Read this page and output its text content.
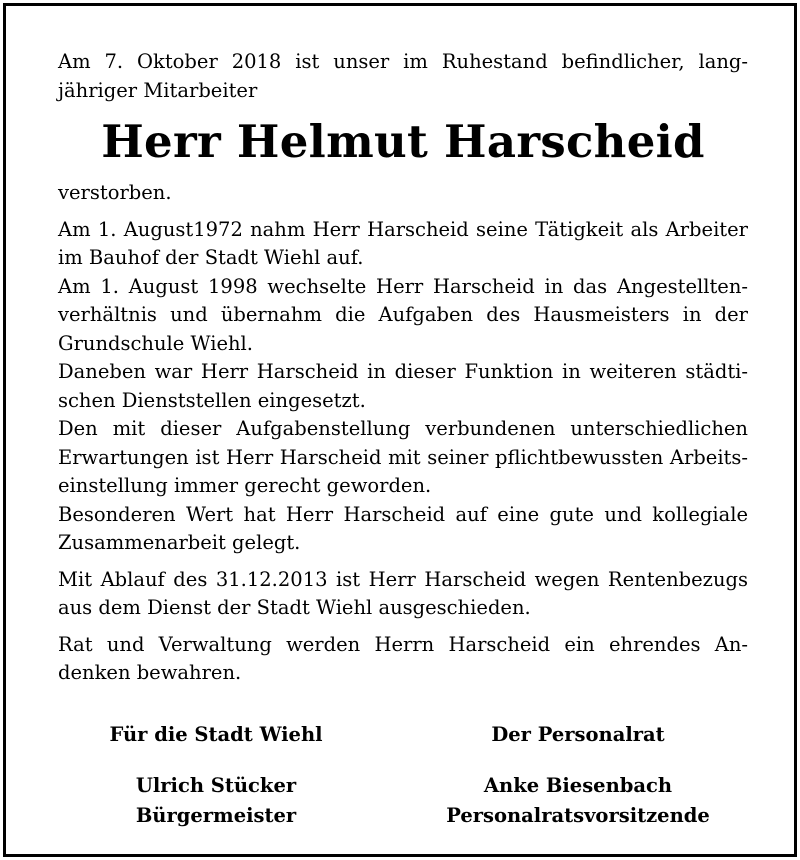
Am 7. Oktober 2018 ist unser im Ruhestand befindlicher, lang-
jähriger Mitarbeiter
Herr Helmut Harscheid
verstorben.
Am 1. August1972 nahm Herr Harscheid seine Tätigkeit als Arbeiter
im Bauhof der Stadt Wiehl auf.
Am 1. August 1998 wechselte Herr Harscheid in das Angestellten-
verhältnis und übernahm die Aufgaben des Hausmeisters in der
Grundschule Wiehl.
Daneben war Herr Harscheid in dieser Funktion in weiteren städti-
schen Dienststellen eingesetzt.
Den mit dieser Aufgabenstellung verbundenen unterschiedlichen
Erwartungen ist Herr Harscheid mit seiner pflichtbewussten Arbeits-
einstellung immer gerecht geworden.
Besonderen Wert hat Herr Harscheid auf eine gute und kollegiale
Zusammenarbeit gelegt.
Mit Ablauf des 31.12.2013 ist Herr Harscheid wegen Rentenbezugs
aus dem Dienst der Stadt Wiehl ausgeschieden.
Rat und Verwaltung werden Herrn Harscheid ein ehrendes An-
denken bewahren.
Für die Stadt Wiehl
Ulrich Stücker
Bürgermeister
Der Personalrat
Anke Biesenbach
Personalratsvorsitzende
